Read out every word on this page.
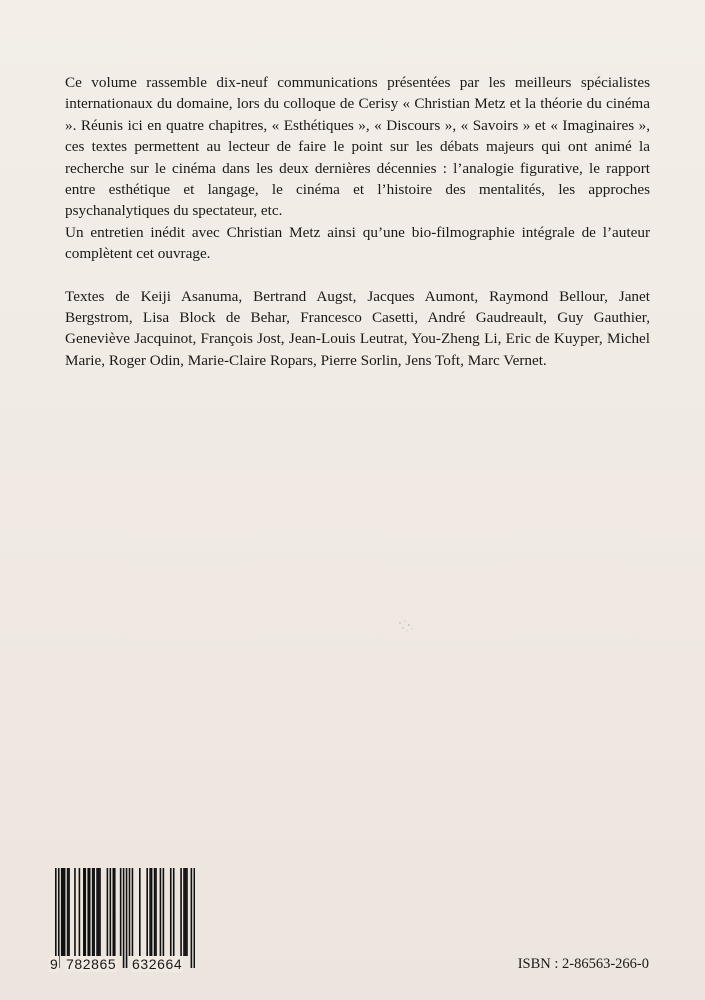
Ce volume rassemble dix-neuf communications présentées par les meilleurs spécialistes internationaux du domaine, lors du colloque de Cerisy « Christian Metz et la théorie du cinéma ». Réunis ici en quatre chapitres, « Esthétiques », « Discours », « Savoirs » et « Imaginaires », ces textes permettent au lecteur de faire le point sur les débats majeurs qui ont animé la recherche sur le cinéma dans les deux dernières décennies : l’analogie figurative, le rapport entre esthétique et langage, le cinéma et l’histoire des mentalités, les approches psychanalytiques du spectateur, etc.

Un entretien inédit avec Christian Metz ainsi qu’une bio-filmographie intégrale de l’auteur complètent cet ouvrage.

Textes de Keiji Asanuma, Bertrand Augst, Jacques Aumont, Raymond Bellour, Janet Bergstrom, Lisa Block de Behar, Francesco Casetti, André Gaudreault, Guy Gauthier, Geneviève Jacquinot, François Jost, Jean-Louis Leutrat, You-Zheng Li, Eric de Kuyper, Michel Marie, Roger Odin, Marie-Claire Ropars, Pierre Sorlin, Jens Toft, Marc Vernet.

9 782865 632664	ISBN : 2-86563-266-0
